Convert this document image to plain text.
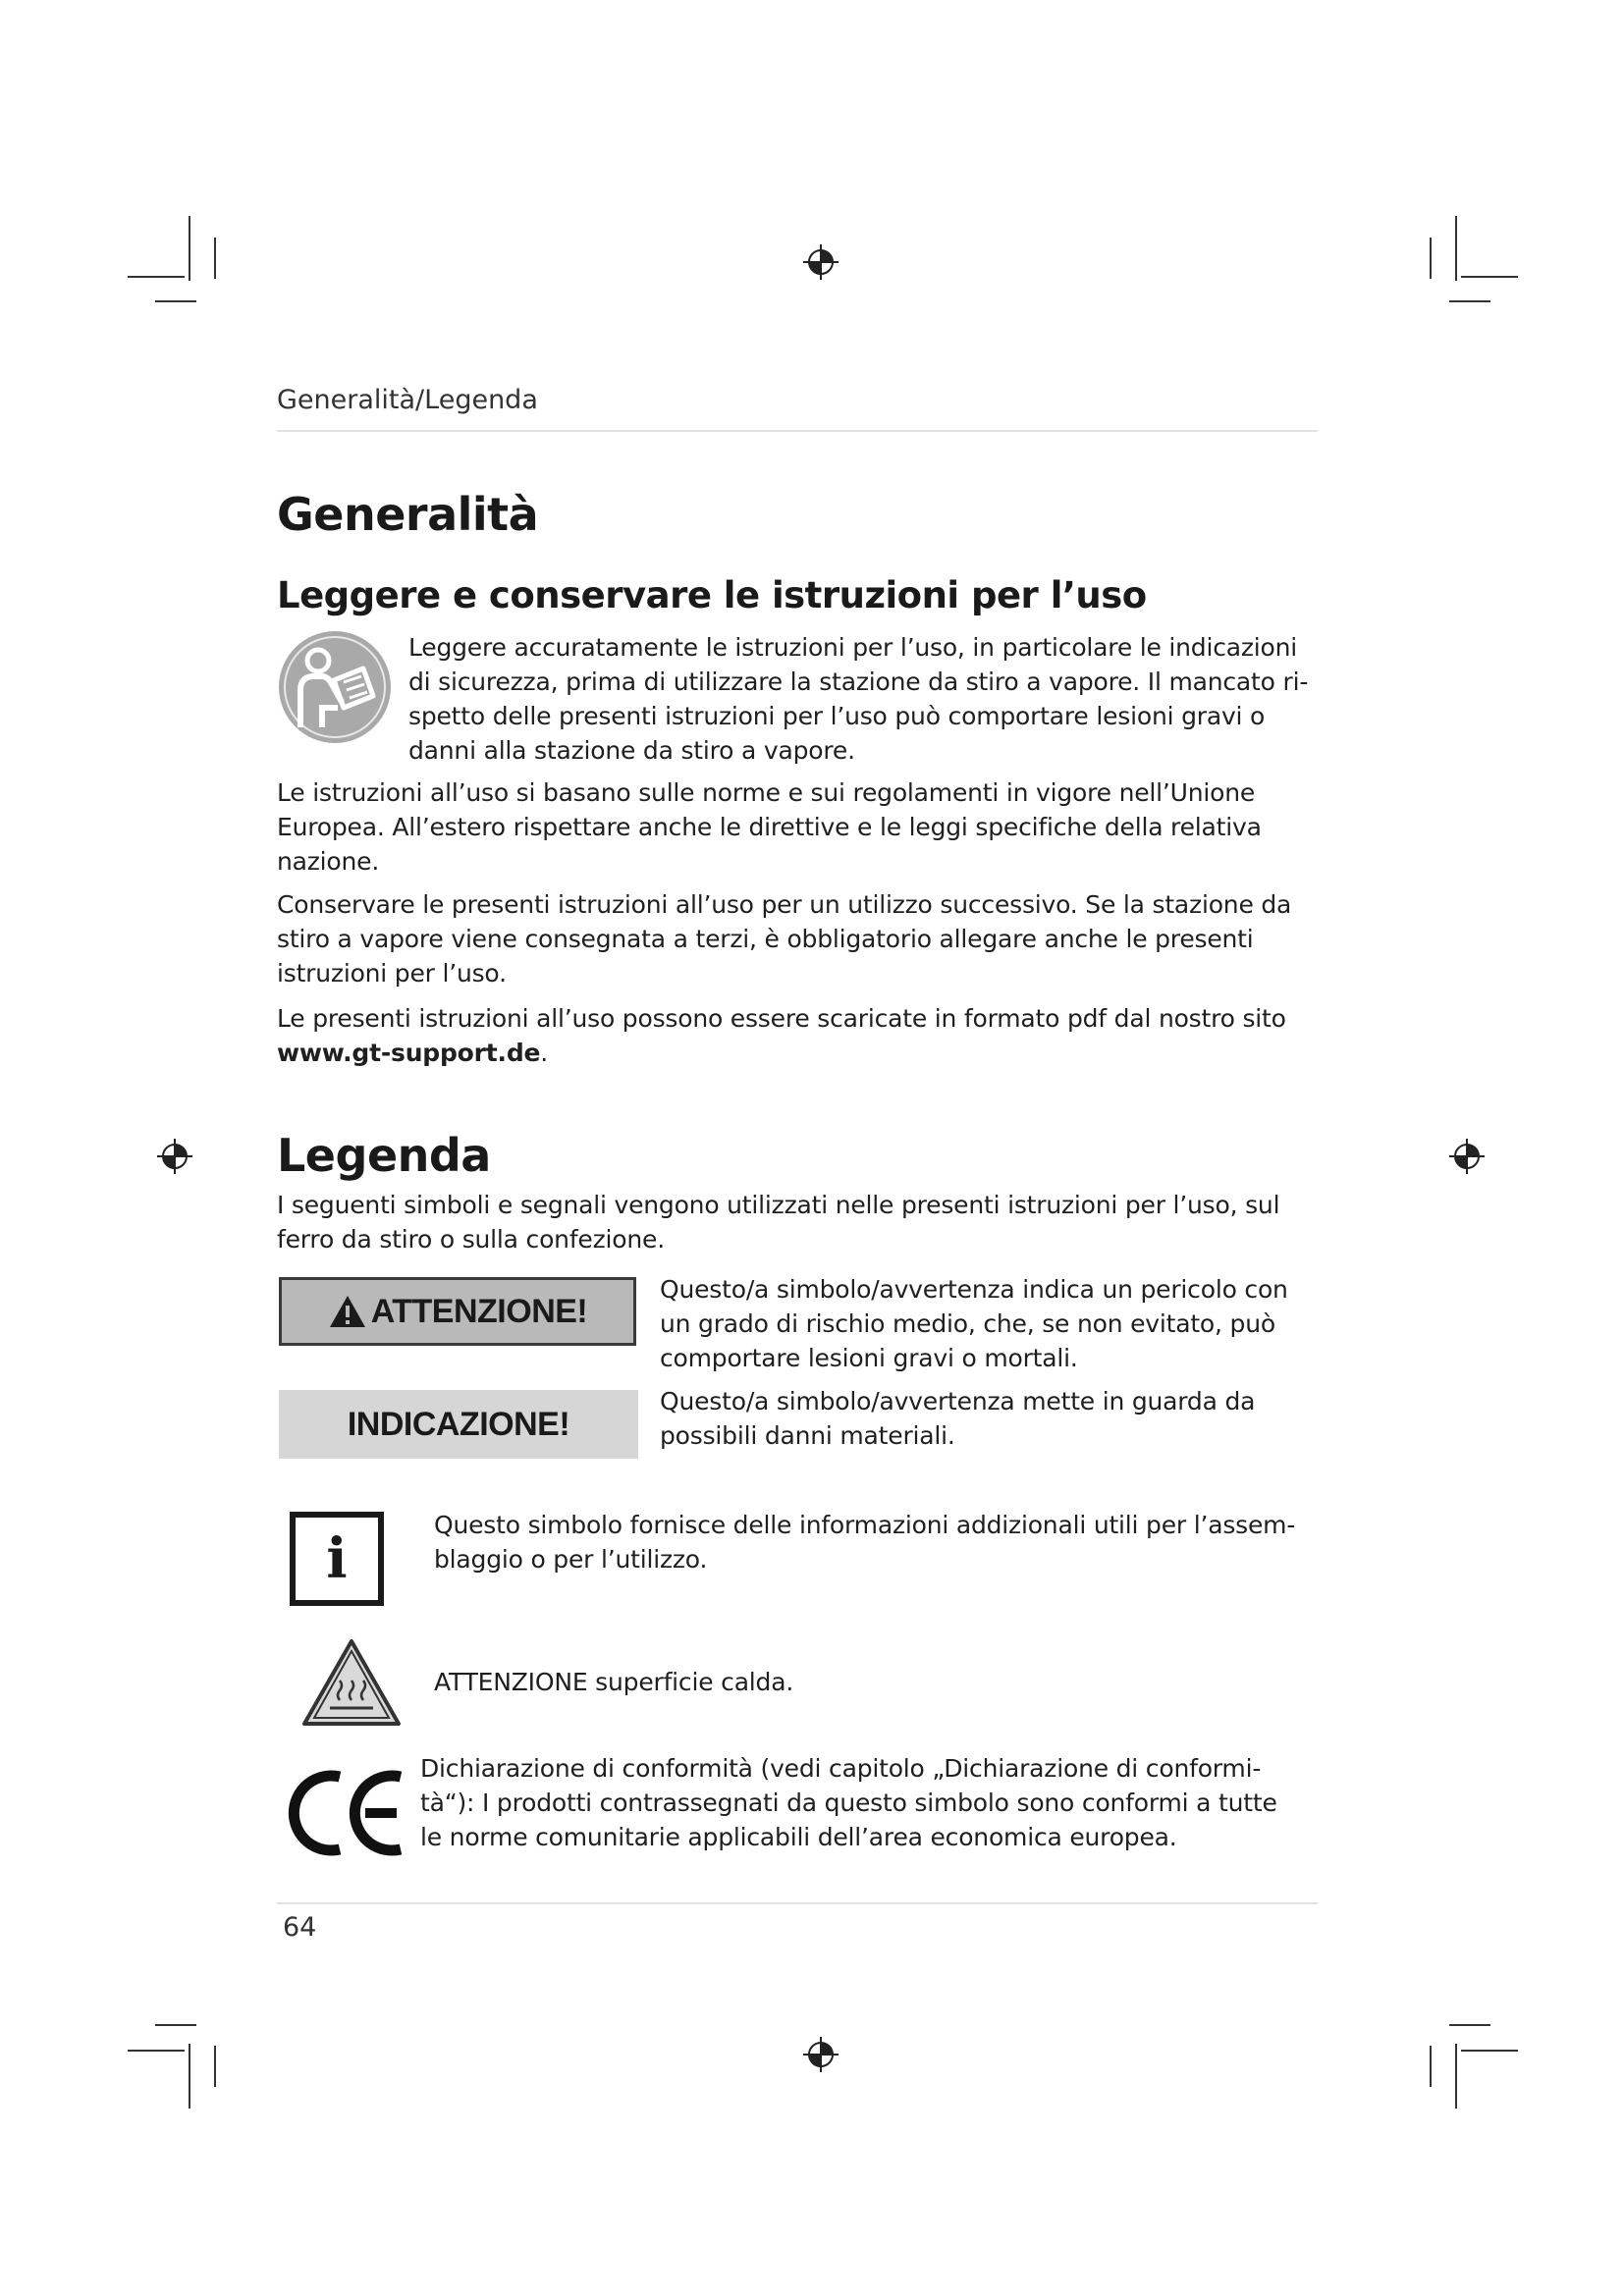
Generalità/Legenda
Generalità
Leggere e conservare le istruzioni per l’uso

Leggere accuratamente le istruzioni per l’uso, in particolare le indicazioni

di sicurezza, prima di utilizzare la stazione da stiro a vapore. Il mancato ri-

spetto delle presenti istruzioni per l’uso può comportare lesioni gravi o

danni alla stazione da stiro a vapore.

Le istruzioni all’uso si basano sulle norme e sui regolamenti in vigore nell’Unione

Europea. All’estero rispettare anche le direttive e le leggi specifiche della relativa

nazione.

Conservare le presenti istruzioni all’uso per un utilizzo successivo. Se la stazione da

stiro a vapore viene consegnata a terzi, è obbligatorio allegare anche le presenti

istruzioni per l’uso.

Le presenti istruzioni all’uso possono essere scaricate in formato pdf dal nostro sito

www.gt-support.de.

Legenda

I seguenti simboli e segnali vengono utilizzati nelle presenti istruzioni per l’uso, sul

ferro da stiro o sulla confezione.

ATTENZIONE!

Questo/a simbolo/avvertenza indica un pericolo con

un grado di rischio medio, che, se non evitato, può

comportare lesioni gravi o mortali.

INDICAZIONE!

Questo/a simbolo/avvertenza mette in guarda da

possibili danni materiali.

i

Questo simbolo fornisce delle informazioni addizionali utili per l’assem-

blaggio o per l’utilizzo.

ATTENZIONE superficie calda.

Dichiarazione di conformità (vedi capitolo „Dichiarazione di conformi-

tà“): I prodotti contrassegnati da questo simbolo sono conformi a tutte

le norme comunitarie applicabili dell’area economica europea.

64
